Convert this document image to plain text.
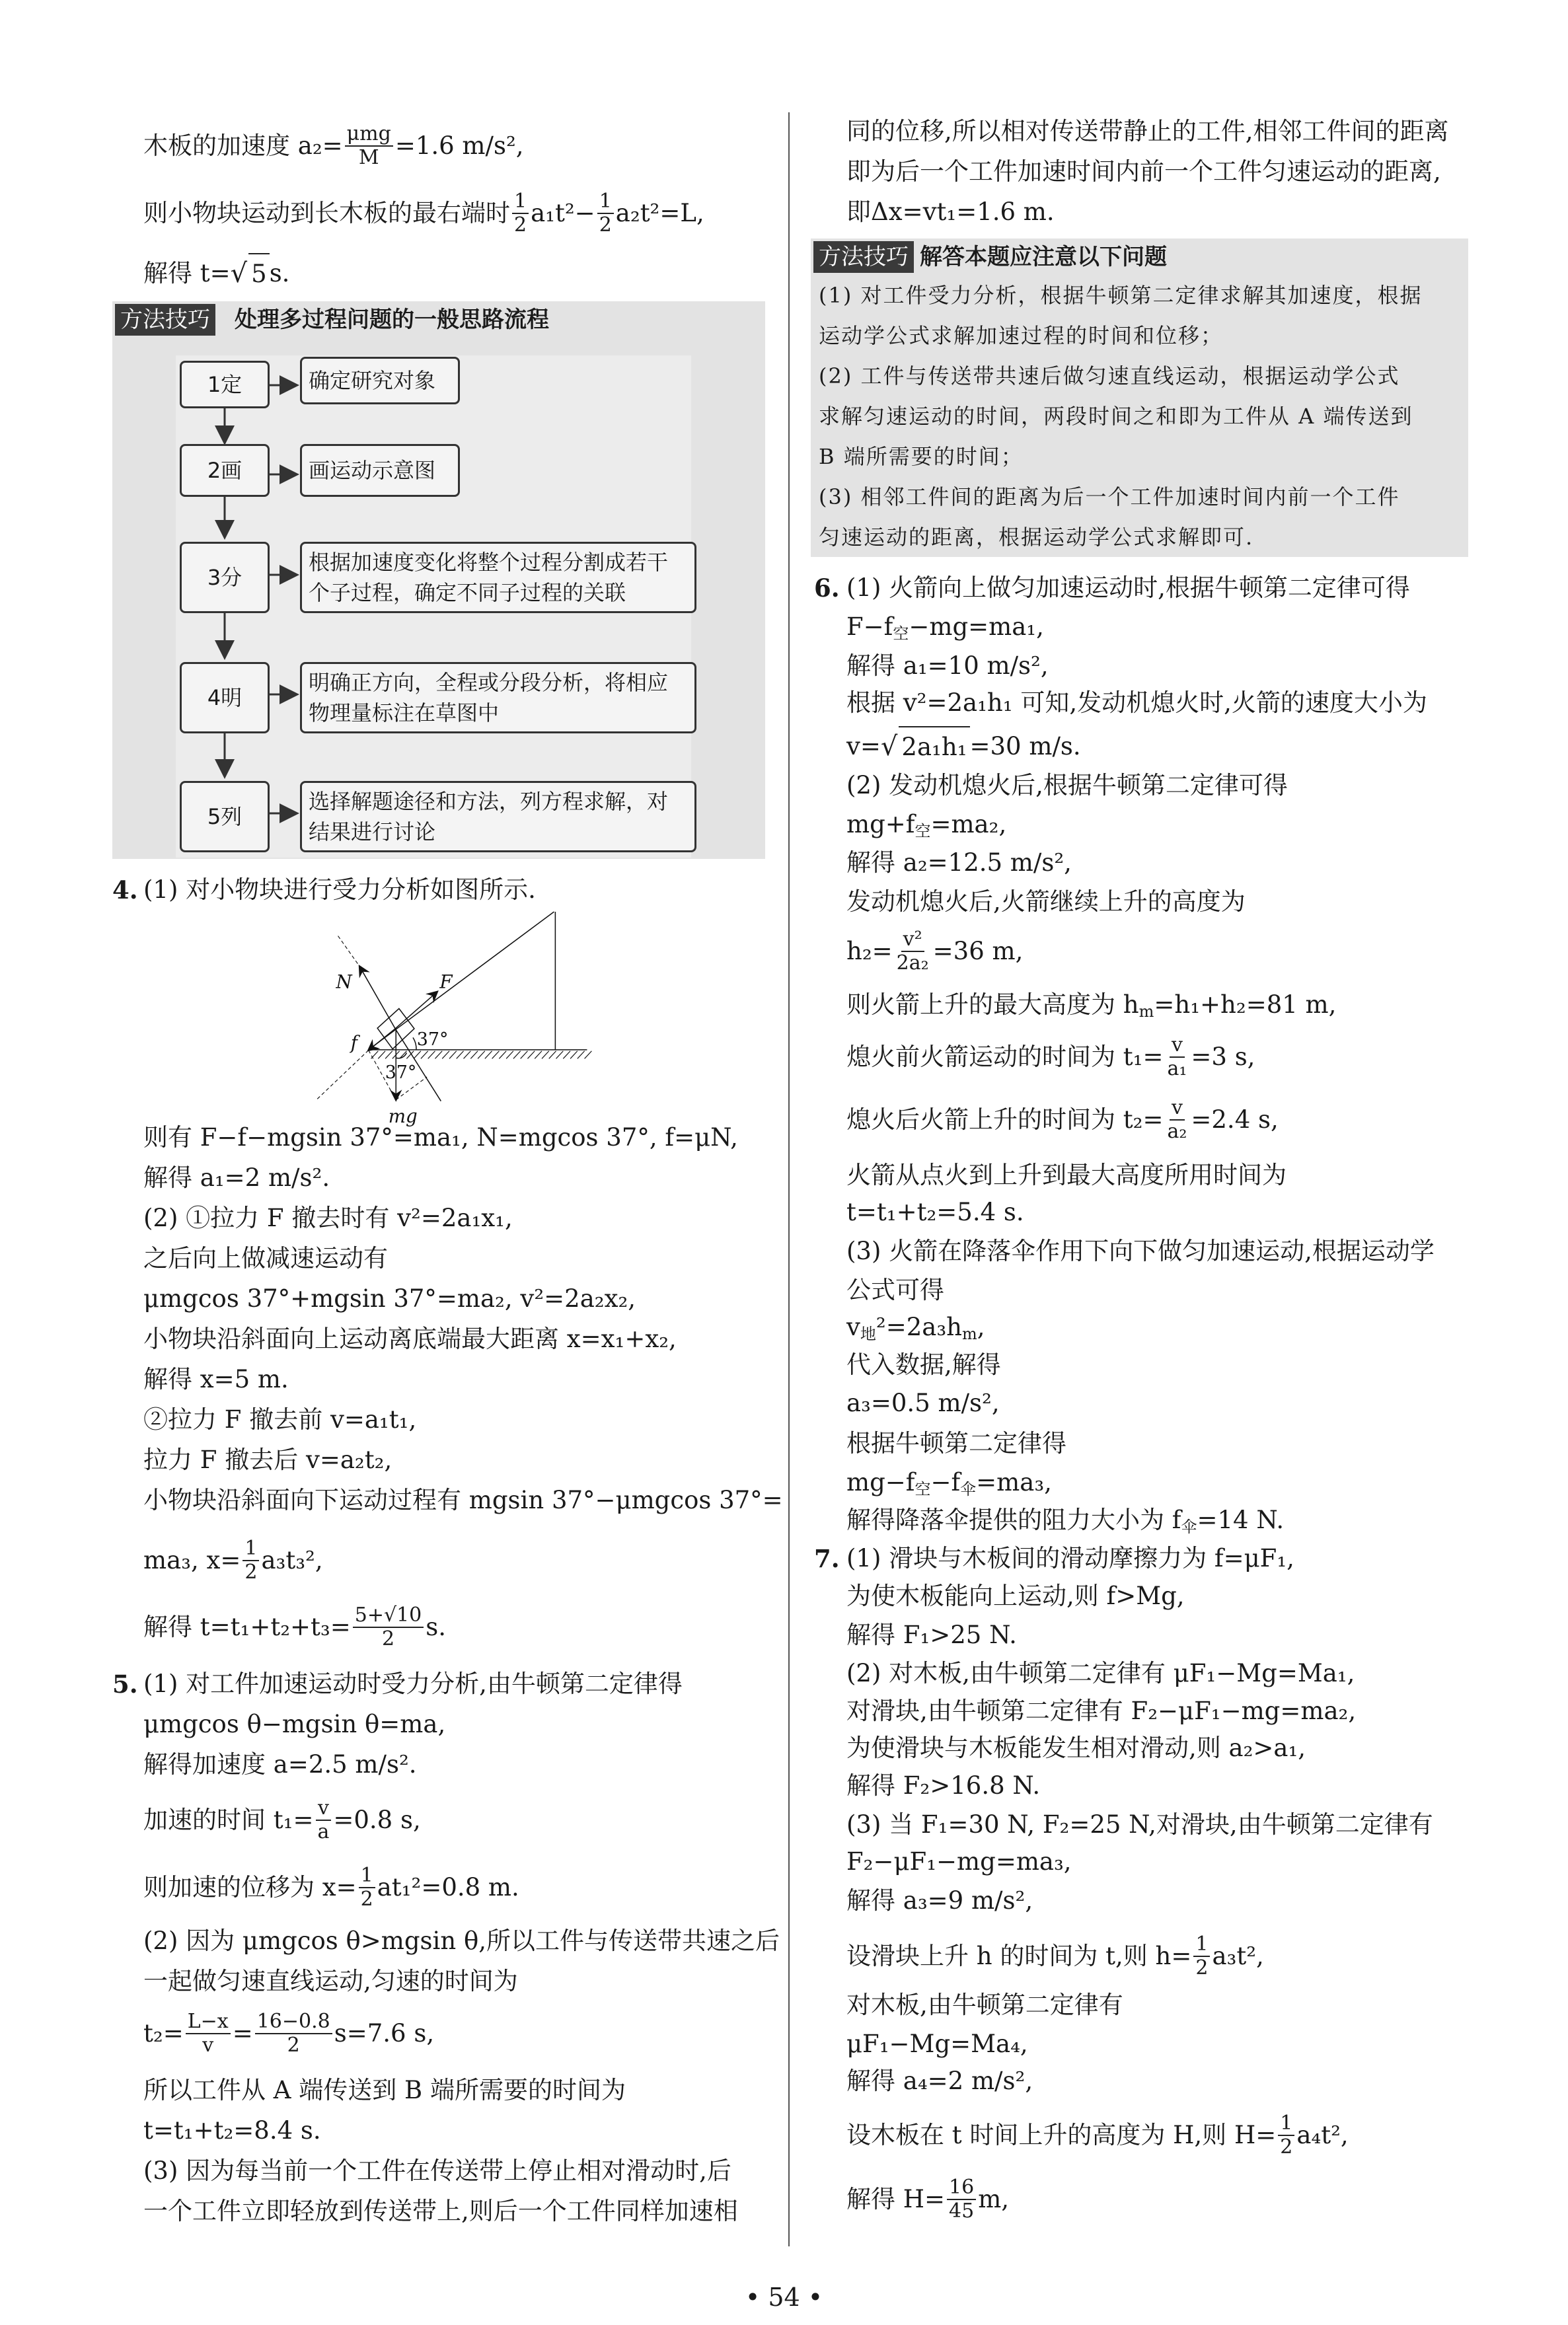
木板的加速度 $a_2= \frac{\text{μmg}}{M} =1.6$ m/s²,
则小物块运动到长木板的最右端时 $\frac{1}{2} a_1t^2- \frac{1}{2} a_2t^2=L$,
解得 t= √ 5 s.
(1) 对小物块进行受力分析如图所示.
4.
则有 F−f−mgsin 37°=ma₁, N=mgcos 37°, f=μN,
解得 a₁=2 m/s².
(2) ①拉力 F 撤去时有 v²=2a₁x₁,
之后向上做减速运动有
μmgcos 37°+mgsin 37°=ma₂, v²=2a₂x₂,
小物块沿斜面向上运动离底端最大距离 x=x₁+x₂,
解得 x=5 m.
②拉力 F 撤去前 v=a₁t₁,
拉力 F 撤去后 v=a₂t₂,
小物块沿斜面向下运动过程有 mgsin 37°−μmgcos 37°=
ma₃, $x= \frac{1}{2} a_3t_3^2$,
解得 $t=t_1+t_2+t_3= \frac{5+√10}{2} s$.
(1) 对工件加速运动时受力分析,由牛顿第二定律得
5.
μmgcos θ−mgsin θ=ma,
解得加速度 a=2.5 m/s².
加速的时间 $t_1= \frac{v}{a} =0.8$ s,
则加速的位移为 $x= \frac{1}{2} at_1^2=0.8$ m.
(2) 因为 μmgcos θ>mgsin θ,所以工件与传送带共速之后
一起做匀速直线运动,匀速的时间为
$t_2= \frac{L-x}{v} = \frac{16-0.8}{2} s=7.6$ s,
所以工件从 A 端传送到 B 端所需要的时间为
t=t₁+t₂=8.4 s.
(3) 因为每当前一个工件在传送带上停止相对滑动时,后
一个工件立即轻放到传送带上,则后一个工件同样加速相
同的位移,所以相对传送带静止的工件,相邻工件间的距离
即为后一个工件加速时间内前一个工件匀速运动的距离,
即Δx=vt₁=1.6 m.
(1) 火箭向上做匀加速运动时,根据牛顿第二定律可得
6.
F−f 空 −mg=ma₁,
解得 a₁=10 m/s²,
根据 v²=2a₁h₁ 可知,发动机熄火时,火箭的速度大小为
v= √ 2a₁h₁ =30 m/s.
(2) 发动机熄火后,根据牛顿第二定律可得
mg+f 空 =ma₂,
解得 a₂=12.5 m/s²,
发动机熄火后,火箭继续上升的高度为
$h_2= \frac{\text{v²}}{\text{2a₂}} =36$ m,
则火箭上升的最大高度为 h m =h₁+h₂=81 m,
熄火前火箭运动的时间为 $t_1= \frac{v}{\text{a₁}} =3$ s,
熄火后火箭上升的时间为 $t_2= \frac{v}{\text{a₂}} =2.4$ s,
火箭从点火到上升到最大高度所用时间为
t=t₁+t₂=5.4 s.
(3) 火箭在降落伞作用下向下做匀加速运动,根据运动学
公式可得
v 地 ²=2a₃h m ,
代入数据,解得
a₃=0.5 m/s²,
根据牛顿第二定律得
mg−f 空 −f 伞 =ma₃,
解得降落伞提供的阻力大小为 f 伞 =14 N.
(1) 滑块与木板间的滑动摩擦力为 f=μF₁,
7.
为使木板能向上运动,则 f>Mg,
解得 F₁>25 N.
(2) 对木板,由牛顿第二定律有 μF₁−Mg=Ma₁,
对滑块,由牛顿第二定律有 F₂−μF₁−mg=ma₂,
为使滑块与木板能发生相对滑动,则 a₂>a₁,
解得 F₂>16.8 N.
(3) 当 F₁=30 N, F₂=25 N,对滑块,由牛顿第二定律有
F₂−μF₁−mg=ma₃,
解得 a₃=9 m/s²,
设滑块上升 h 的时间为 t,则 $h= \frac{1}{2} a_3t^2$,
对木板,由牛顿第二定律有
μF₁−Mg=Ma₄,
解得 a₄=2 m/s²,
设木板在 t 时间上升的高度为 H,则 $H= \frac{1}{2} a_4t^2$,
解得 $H= \frac{16}{45} m$,
方法技巧 处理多过程问题的一般思路流程
1定	确定研究对象
2画	画运动示意图
3分
根据加速度变化将整个过程分割成若干
个子过程，确定不同子过程的关联
4明
明确正方向，全程或分段分析，将相应
物理量标注在草图中
5列
选择解题途径和方法，列方程求解，对
结果进行讨论
N F
f
mg
37°
37°
方法技巧 解答本题应注意以下问题
(1) 对工件受力分析，根据牛顿第二定律求解其加速度，根据
运动学公式求解加速过程的时间和位移；
(2) 工件与传送带共速后做匀速直线运动，根据运动学公式
求解匀速运动的时间，两段时间之和即为工件从 A 端传送到
B 端所需要的时间；
(3) 相邻工件间的距离为后一个工件加速时间内前一个工件
匀速运动的距离，根据运动学公式求解即可.
• 54 •
